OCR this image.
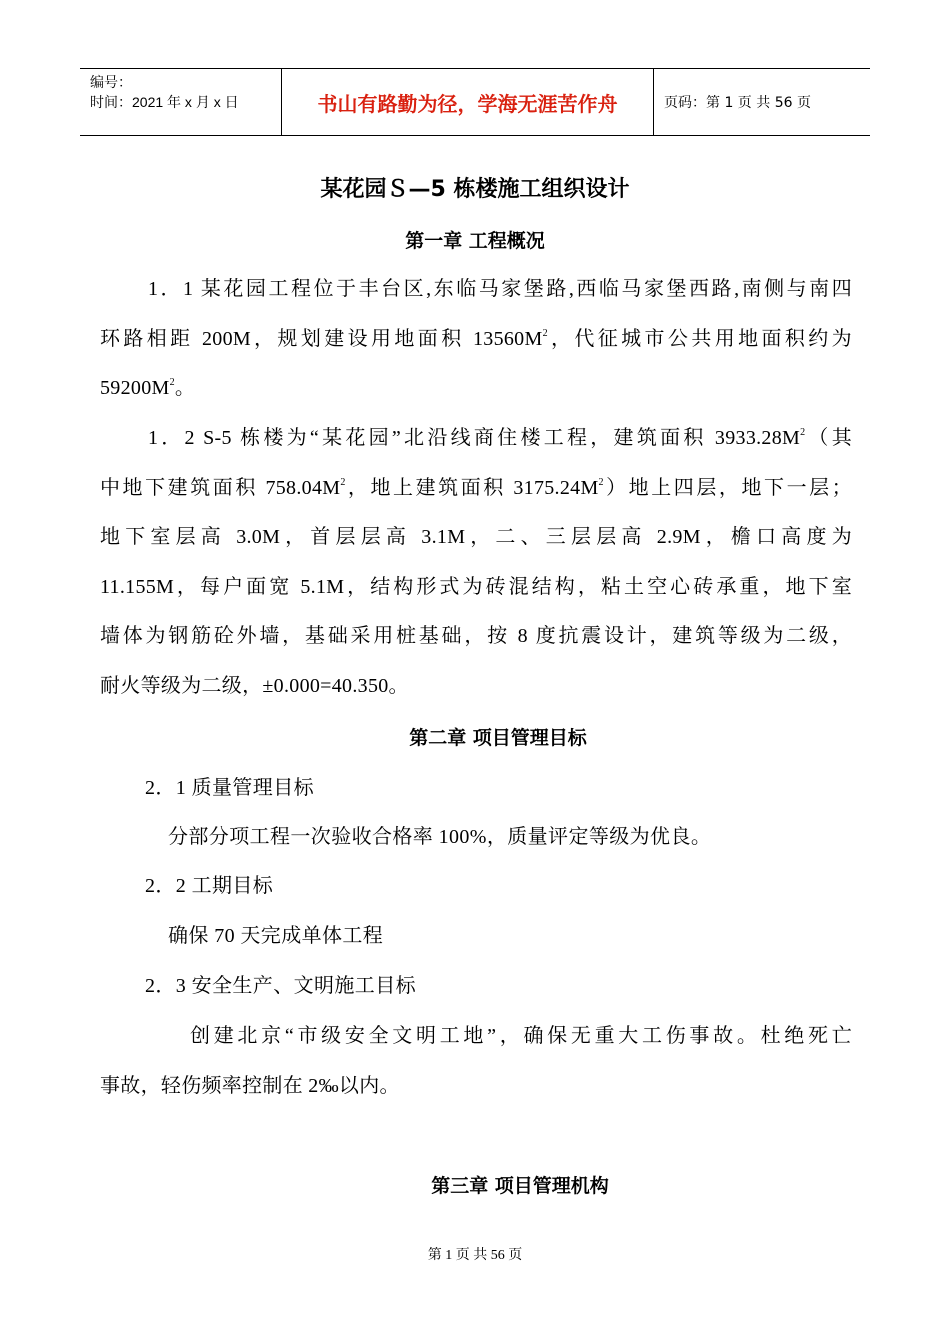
编号：
时间：2021 年 x 月 x 日	书山有路勤为径，学海无涯苦作舟	页码：第 1 页 共 56 页
某花园Ｓ—5 栋楼施工组织设计
第一章 工程概况
1．1 某花园工程位于丰台区,东临马家堡路,西临马家堡西路,南侧与南四
环路相距 200M，规划建设用地面积 $13560M^2$，代征城市公共用地面积约为
$59200M^2$。
1．2 S-5 栋楼为“某花园”北沿线商住楼工程，建筑面积 $3933.28M^2$（其
中地下建筑面积 $758.04M^2$，地上建筑面积 $3175.24M^2$）地上四层，地下一层；
地下室层高 3.0M，首层层高 3.1M，二、三层层高 2.9M，檐口高度为
11.155M，每户面宽 5.1M，结构形式为砖混结构，粘土空心砖承重，地下室
墙体为钢筋砼外墙，基础采用桩基础，按 8 度抗震设计，建筑等级为二级，
耐火等级为二级，±0.000=40.350。
第二章 项目管理目标
2．1 质量管理目标
分部分项工程一次验收合格率 100%，质量评定等级为优良。
2．2 工期目标
确保 70 天完成单体工程
2．3 安全生产、文明施工目标
创建北京“市级安全文明工地”，确保无重大工伤事故。杜绝死亡
事故，轻伤频率控制在 2‰以内。
第三章 项目管理机构
第 1 页 共 56 页
